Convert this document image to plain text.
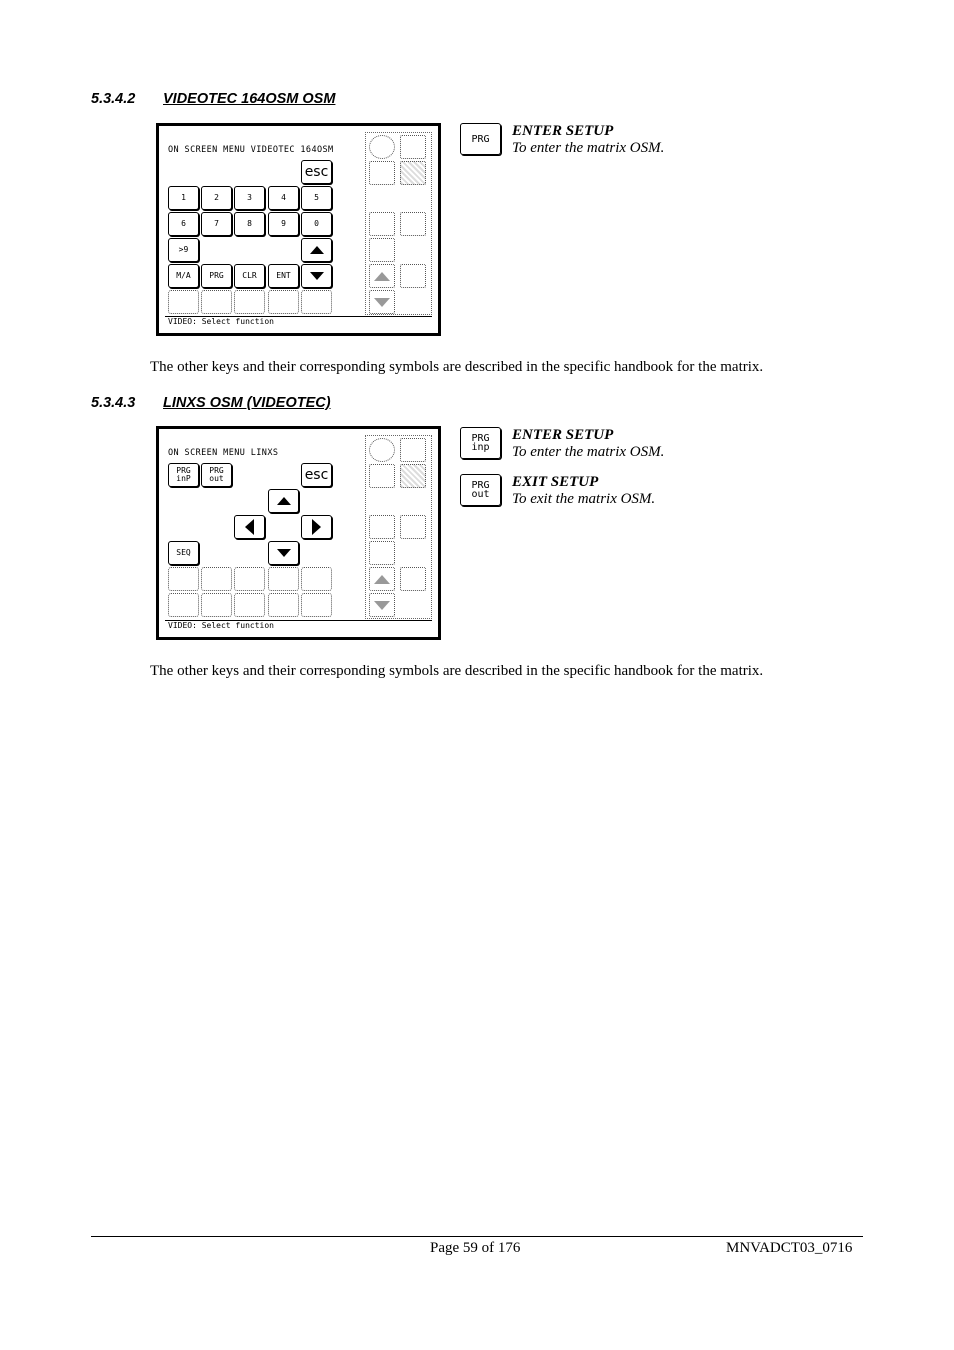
5.3.4.2 VIDEOTEC 164OSM OSM
ON SCREEN MENU VIDEOTEC 164OSM
esc
1	2	3	4	5
6	7	8	9	0
>9
M/A	PRG	CLR	ENT
VIDEO: Select function
PRG ENTER SETUP
To enter the matrix OSM.
The other keys and their corresponding symbols are described in the specific handbook for the matrix.
5.3.4.3 LINXS OSM (VIDEOTEC)
ON SCREEN MENU LINXS
PRG
inP
PRG
out	esc
SEQ
VIDEO: Select function
PRG
inp
ENTER SETUP
To enter the matrix OSM.
PRG
out
EXIT SETUP
To exit the matrix OSM.
The other keys and their corresponding symbols are described in the specific handbook for the matrix.
Page 59 of 176	MNVADCT03_0716
